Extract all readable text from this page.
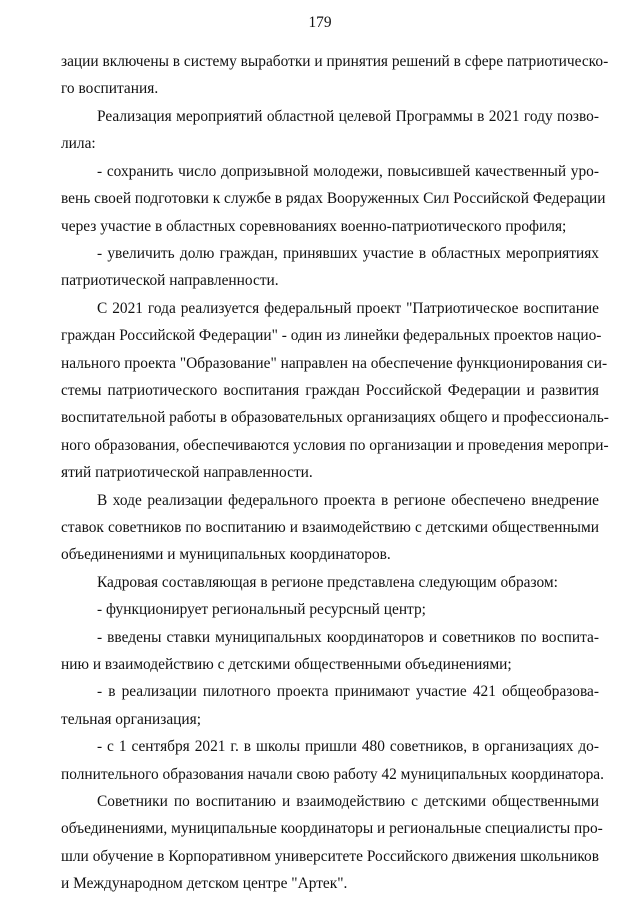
179

зации включены в систему выработки и принятия решений в сфере патриотическо-

го воспитания.

Реализация мероприятий областной целевой Программы в 2021 году позво-

лила:

- сохранить число допризывной молодежи, повысившей качественный уро-

вень своей подготовки к службе в рядах Вооруженных Сил Российской Федерации

через участие в областных соревнованиях военно-патриотического профиля;

- увеличить долю граждан, принявших участие в областных мероприятиях

патриотической направленности.

С 2021 года реализуется федеральный проект "Патриотическое воспитание

граждан Российской Федерации" - один из линейки федеральных проектов нацио-

нального проекта "Образование" направлен на обеспечение функционирования си-

стемы патриотического воспитания граждан Российской Федерации и развития

воспитательной работы в образовательных организациях общего и профессиональ-

ного образования, обеспечиваются условия по организации и проведения меропри-

ятий патриотической направленности.

В ходе реализации федерального проекта в регионе обеспечено внедрение

ставок советников по воспитанию и взаимодействию с детскими общественными

объединениями и муниципальных координаторов.

Кадровая составляющая в регионе представлена следующим образом:

- функционирует региональный ресурсный центр;

- введены ставки муниципальных координаторов и советников по воспита-

нию и взаимодействию с детскими общественными объединениями;

- в реализации пилотного проекта принимают участие 421 общеобразова-

тельная организация;

- с 1 сентября 2021 г. в школы пришли 480 советников, в организациях до-

полнительного образования начали свою работу 42 муниципальных координатора.

Советники по воспитанию и взаимодействию с детскими общественными

объединениями, муниципальные координаторы и региональные специалисты про-

шли обучение в Корпоративном университете Российского движения школьников

и Международном детском центре "Артек".
